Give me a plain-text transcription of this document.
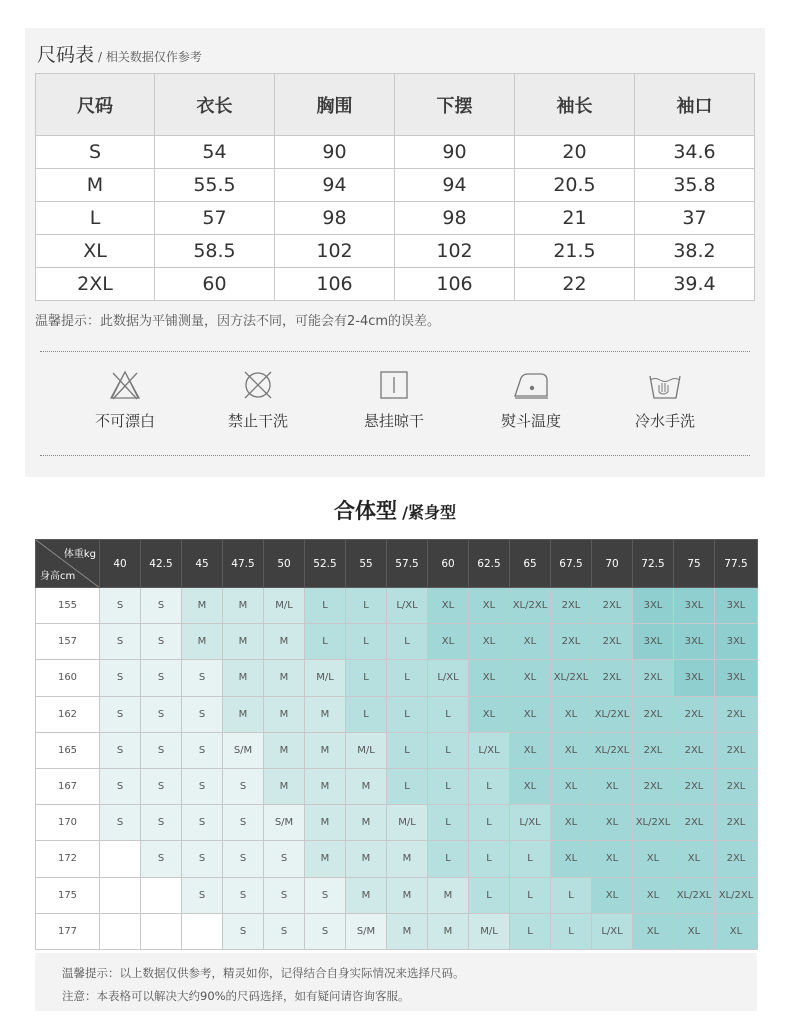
尺码表 / 相关数据仅作参考
尺码	衣长	胸围	下摆	袖长	袖口
S	54	90	90	20	34.6
M	55.5	94	94	20.5	35.8
L	57	98	98	21	37
XL	58.5	102	102	21.5	38.2
2XL	60	106	106	22	39.4
温馨提示：此数据为平铺测量，因方法不同，可能会有2-4cm的误差。
不可漂白	禁止干洗	悬挂晾干	熨斗温度	冷水手洗
合体型 /紧身型
体重kg
身高cm	40	42.5	45	47.5	50	52.5	55	57.5	60	62.5	65	67.5	70	72.5	75	77.5
155	S	S	M	M	M/L	L	L	L/XL	XL	XL	XL/2XL	2XL	2XL	3XL	3XL	3XL
157	S	S	M	M	M	L	L	L	XL	XL	XL	2XL	2XL	3XL	3XL	3XL
160	S	S	S	M	M	M/L	L	L	L/XL	XL	XL	XL/2XL	2XL	2XL	3XL	3XL
162	S	S	S	M	M	M	L	L	L	XL	XL	XL	XL/2XL	2XL	2XL	2XL
165	S	S	S	S/M	M	M	M/L	L	L	L/XL	XL	XL	XL/2XL	2XL	2XL	2XL
167	S	S	S	S	M	M	M	L	L	L	XL	XL	XL	2XL	2XL	2XL
170	S	S	S	S	S/M	M	M	M/L	L	L	L/XL	XL	XL	XL/2XL	2XL	2XL
172		S	S	S	S	M	M	M	L	L	L	XL	XL	XL	XL	2XL
175			S	S	S	S	M	M	M	L	L	L	XL	XL	XL/2XL	XL/2XL
177				S	S	S	S/M	M	M	M/L	L	L	L/XL	XL	XL	XL

温馨提示：以上数据仅供参考，精灵如你，记得结合自身实际情况来选择尺码。

注意：本表格可以解决大约90%的尺码选择，如有疑问请咨询客服。
